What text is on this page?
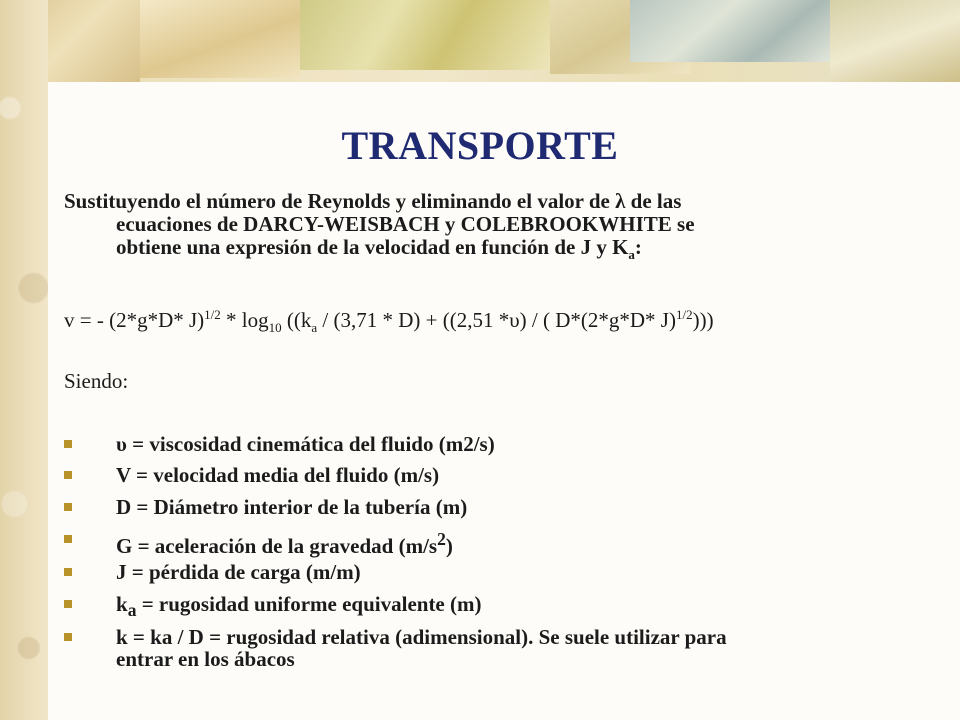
TRANSPORTE
Sustituyendo el número de Reynolds y eliminando el valor de λ de las
ecuaciones de DARCY-WEISBACH y COLEBROOKWHITE se
obtiene una expresión de la velocidad en función de J y $K_a$:
v = - (2*g*D* $J)^{1/2} * \log_{10} ((k_a / (3,71 * D) + ((2,51$ *υ) / ( D*(2*g*D* J)$^{1/2}$)))
Siendo:
υ = viscosidad cinemática del fluido (m2/s)
V = velocidad media del fluido (m/s)
D = Diámetro interior de la tubería (m)
G = aceleración de la gravedad $(m/s^2)$
J = pérdida de carga (m/m)
$k_a$ = rugosidad uniforme equivalente (m)
k = ka / D = rugosidad relativa (adimensional). Se suele utilizar para
entrar en los ábacos
